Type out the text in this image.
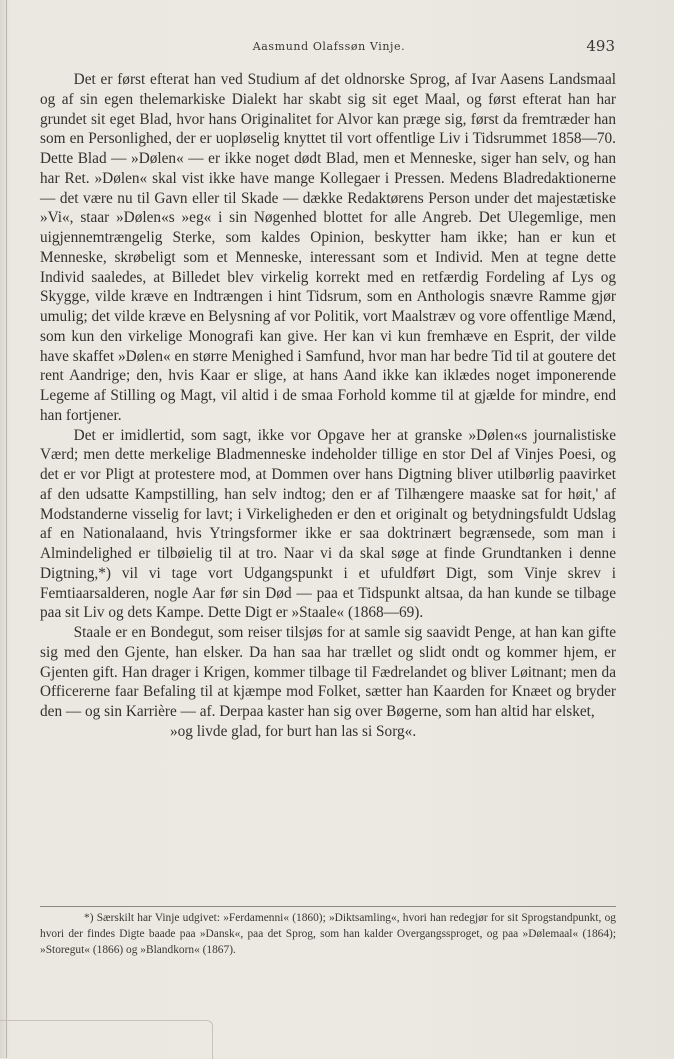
Aasmund Olafssøn Vinje.	493

Det er først efterat han ved Studium af det oldnorske Sprog, af Ivar Aasens Landsmaal og af sin egen thelemarkiske Dialekt har skabt sig sit eget Maal, og først efterat han har grundet sit eget Blad, hvor hans Originalitet for Alvor kan præge sig, først da fremtræder han som en Personlighed, der er uopløselig knyttet til vort offentlige Liv i Tidsrummet 1858—70. Dette Blad — »Dølen« — er ikke noget dødt Blad, men et Menneske, siger han selv, og han har Ret. »Dølen« skal vist ikke have mange Kollegaer i Pressen. Medens Bladredaktionerne — det være nu til Gavn eller til Skade — dække Redaktørens Person under det majestætiske »Vi«, staar »Dølen«s »eg« i sin Nøgenhed blottet for alle Angreb. Det Ulegemlige, men uigjennemtrængelig Sterke, som kaldes Opinion, beskytter ham ikke; han er kun et Menneske, skrøbeligt som et Menneske, interessant som et Individ. Men at tegne dette Individ saaledes, at Billedet blev virkelig korrekt med en retfærdig Fordeling af Lys og Skygge, vilde kræve en Indtrængen i hint Tidsrum, som en Anthologis snævre Ramme gjør umulig; det vilde kræve en Belysning af vor Politik, vort Maalstræv og vore offentlige Mænd, som kun den virkelige Monografi kan give. Her kan vi kun fremhæve en Esprit, der vilde have skaffet »Dølen« en større Menighed i Samfund, hvor man har bedre Tid til at goutere det rent Aandrige; den, hvis Kaar er slige, at hans Aand ikke kan iklædes noget imponerende Legeme af Stilling og Magt, vil altid i de smaa Forhold komme til at gjælde for mindre, end han fortjener.

Det er imidlertid, som sagt, ikke vor Opgave her at granske »Dølen«s journalistiske Værd; men dette merkelige Bladmenneske indeholder tillige en stor Del af Vinjes Poesi, og det er vor Pligt at protestere mod, at Dommen over hans Digtning bliver utilbørlig paavirket af den udsatte Kampstilling, han selv indtog; den er af Tilhængere maaske sat for høit,' af Modstanderne visselig for lavt; i Virkeligheden er den et originalt og betydningsfuldt Udslag af en Nationalaand, hvis Ytringsformer ikke er saa doktrinært begrænsede, som man i Almindelighed er tilbøielig til at tro. Naar vi da skal søge at finde Grundtanken i denne Digtning,*) vil vi tage vort Udgangspunkt i et ufuldført Digt, som Vinje skrev i Femtiaarsalderen, nogle Aar før sin Død — paa et Tidspunkt altsaa, da han kunde se tilbage paa sit Liv og dets Kampe. Dette Digt er »Staale« (1868—69).

Staale er en Bondegut, som reiser tilsjøs for at samle sig saavidt Penge, at han kan gifte sig med den Gjente, han elsker. Da han saa har trællet og slidt ondt og kommer hjem, er Gjenten gift. Han drager i Krigen, kommer tilbage til Fædrelandet og bliver Løitnant; men da Officererne faar Befaling til at kjæmpe mod Folket, sætter han Kaarden for Knæet og bryder den — og sin Karrière — af. Derpaa kaster han sig over Bøgerne, som han altid har elsket,

»og livde glad, for burt han las si Sorg«.

*) Særskilt har Vinje udgivet: »Ferdamenni« (1860); »Diktsamling«, hvori han redegjør for sit Sprogstandpunkt, og hvori der findes Digte baade paa »Dansk«, paa det Sprog, som han kalder Overgangssproget, og paa »Dølemaal« (1864); »Storegut« (1866) og »Blandkorn« (1867).
